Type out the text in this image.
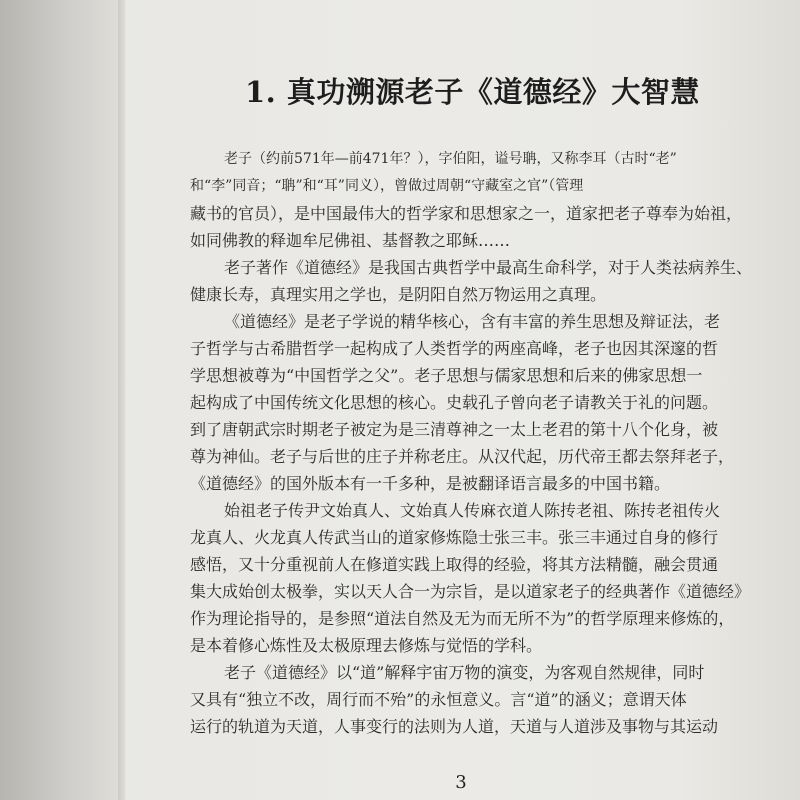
1. 真功溯源老子《道德经》大智慧
老子（约前571年—前471年？），字伯阳，谥号聃，又称李耳（古时“老”
和“李”同音；“聃”和“耳”同义），曾做过周朝“守藏室之官”（管理
藏书的官员），是中国最伟大的哲学家和思想家之一，道家把老子尊奉为始祖，
如同佛教的释迦牟尼佛祖、基督教之耶稣……
老子著作《道德经》是我国古典哲学中最高生命科学，对于人类祛病养生、
健康长寿，真理实用之学也，是阴阳自然万物运用之真理。
《道德经》是老子学说的精华核心，含有丰富的养生思想及辩证法，老
子哲学与古希腊哲学一起构成了人类哲学的两座高峰，老子也因其深邃的哲
学思想被尊为“中国哲学之父”。老子思想与儒家思想和后来的佛家思想一
起构成了中国传统文化思想的核心。史载孔子曾向老子请教关于礼的问题。
到了唐朝武宗时期老子被定为是三清尊神之一太上老君的第十八个化身，被
尊为神仙。老子与后世的庄子并称老庄。从汉代起，历代帝王都去祭拜老子，
《道德经》的国外版本有一千多种，是被翻译语言最多的中国书籍。
始祖老子传尹文始真人、文始真人传麻衣道人陈抟老祖、陈抟老祖传火
龙真人、火龙真人传武当山的道家修炼隐士张三丰。张三丰通过自身的修行
感悟，又十分重视前人在修道实践上取得的经验，将其方法精髓，融会贯通
集大成始创太极拳，实以天人合一为宗旨，是以道家老子的经典著作《道德经》
作为理论指导的，是参照“道法自然及无为而无所不为”的哲学原理来修炼的，
是本着修心炼性及太极原理去修炼与觉悟的学科。
老子《道德经》以“道”解释宇宙万物的演变，为客观自然规律，同时
又具有“独立不改，周行而不殆”的永恒意义。言“道”的涵义；意谓天体
运行的轨道为天道，人事变行的法则为人道，天道与人道涉及事物与其运动
3
